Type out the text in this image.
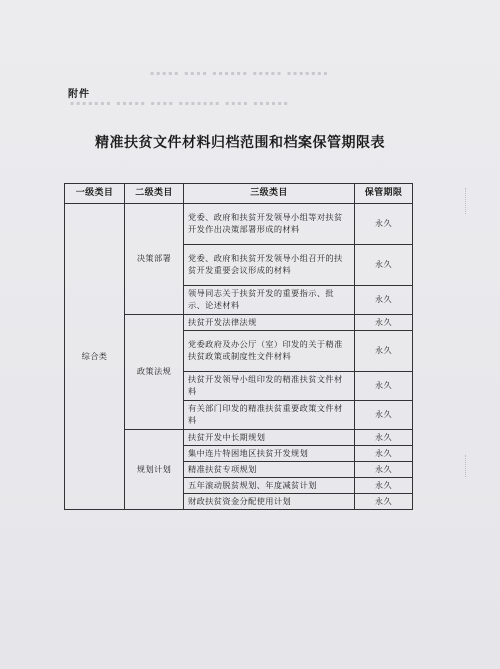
▪▪▪▪▪ ▪▪▪▪ ▪▪▪▪▪▪ ▪▪▪▪▪ ▪▪▪▪▪▪▪
▪▪▪▪▪▪▪ ▪▪▪▪▪ ▪▪▪▪ ▪▪▪▪▪▪▪ ▪▪▪▪ ▪▪▪▪▪▪
附件
精准扶贫文件材料归档范围和档案保管期限表
一级类目	二级类目	三级类目	保管期限
综合类	决策部署	党委、政府和扶贫开发领导小组等对扶贫开发作出决策部署形成的材料	永久
		党委、政府和扶贫开发领导小组召开的扶贫开发重要会议形成的材料	永久
		领导同志关于扶贫开发的重要指示、批示、论述材料	永久
	政策法规	扶贫开发法律法规	永久
		党委政府及办公厅（室）印发的关于精准扶贫政策或制度性文件材料	永久
		扶贫开发领导小组印发的精准扶贫文件材料	永久
		有关部门印发的精准扶贫重要政策文件材料	永久
	规划计划	扶贫开发中长期规划	永久
		集中连片特困地区扶贫开发规划	永久
		精准扶贫专项规划	永久
		五年滚动脱贫规划、年度减贫计划	永久
		财政扶贫资金分配使用计划	永久
